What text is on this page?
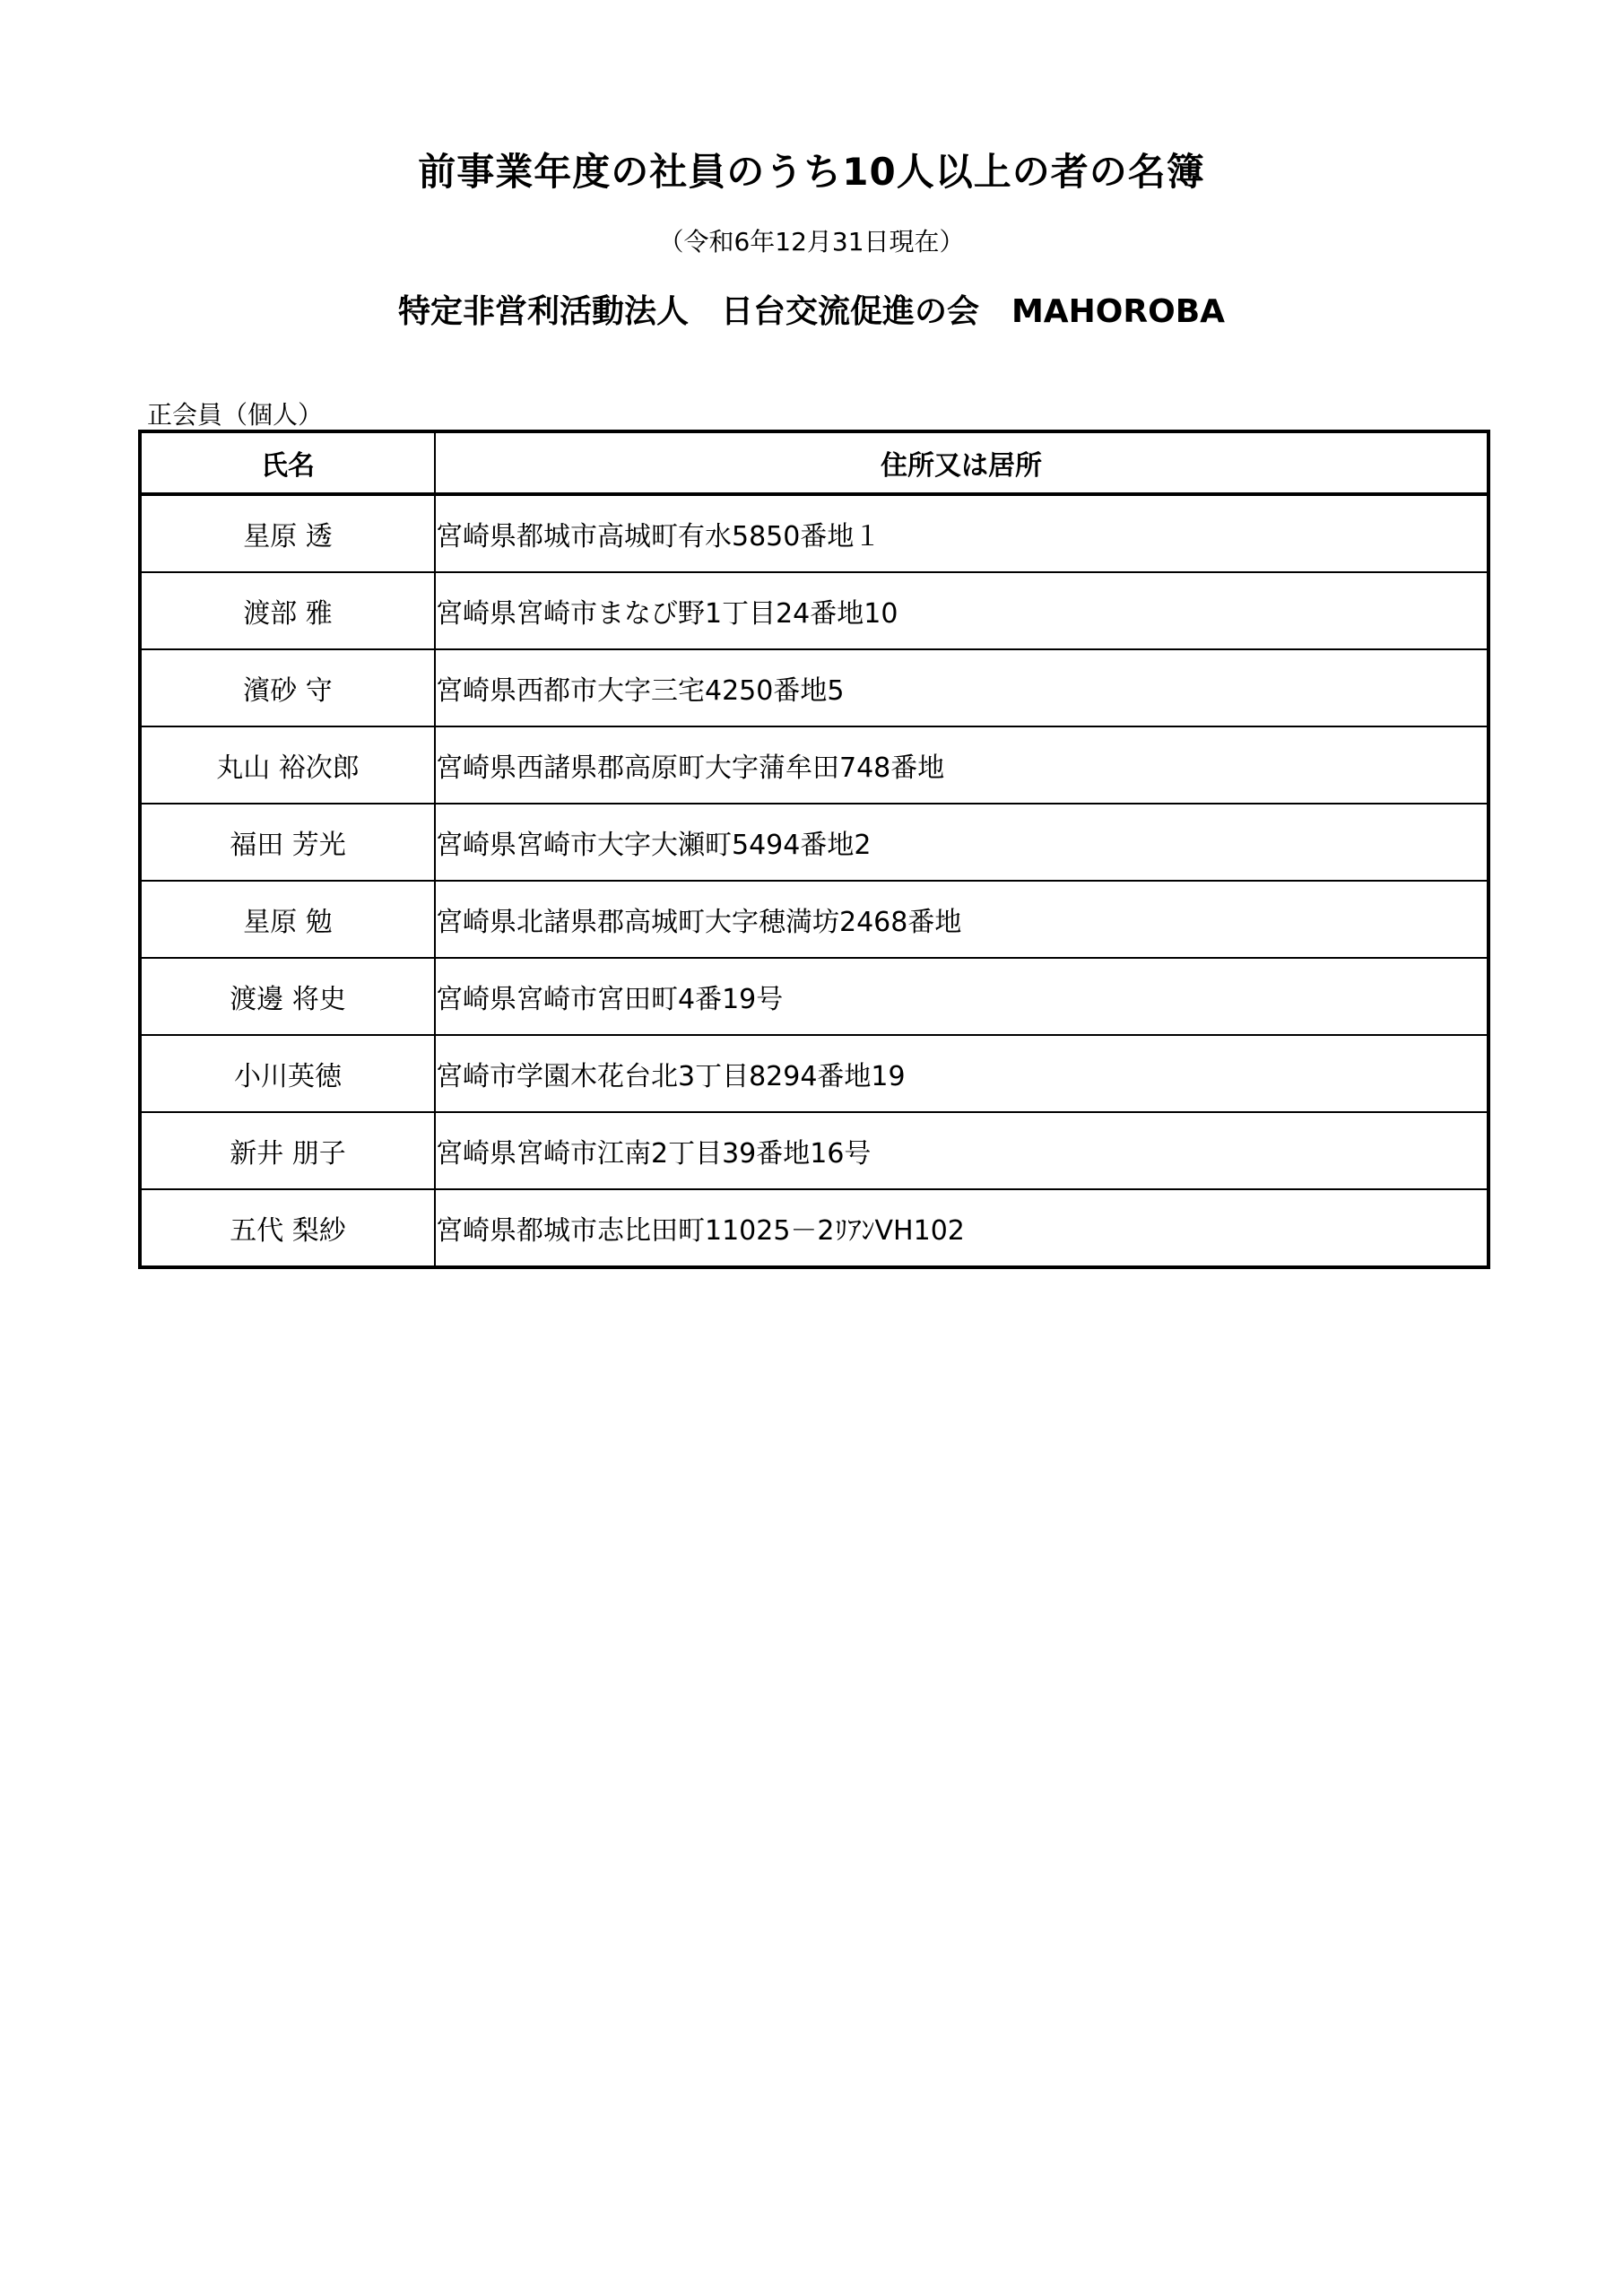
前事業年度の社員のうち10人以上の者の名簿
（令和6年12月31日現在）
特定非営利活動法人　日台交流促進の会　MAHOROBA
正会員（個人）
氏名	住所又は居所
星原 透	宮崎県都城市高城町有水5850番地１
渡部 雅	宮崎県宮崎市まなび野1丁目24番地10
濱砂 守	宮崎県西都市大字三宅4250番地5
丸山 裕次郎	宮崎県西諸県郡高原町大字蒲牟田748番地
福田 芳光	宮崎県宮崎市大字大瀬町5494番地2
星原 勉	宮崎県北諸県郡高城町大字穂満坊2468番地
渡邊 将史	宮崎県宮崎市宮田町4番19号
小川英徳	宮崎市学園木花台北3丁目8294番地19
新井 朋子	宮崎県宮崎市江南2丁目39番地16号
五代 梨紗	宮崎県都城市志比田町11025－2ﾘｱﾝVH102
